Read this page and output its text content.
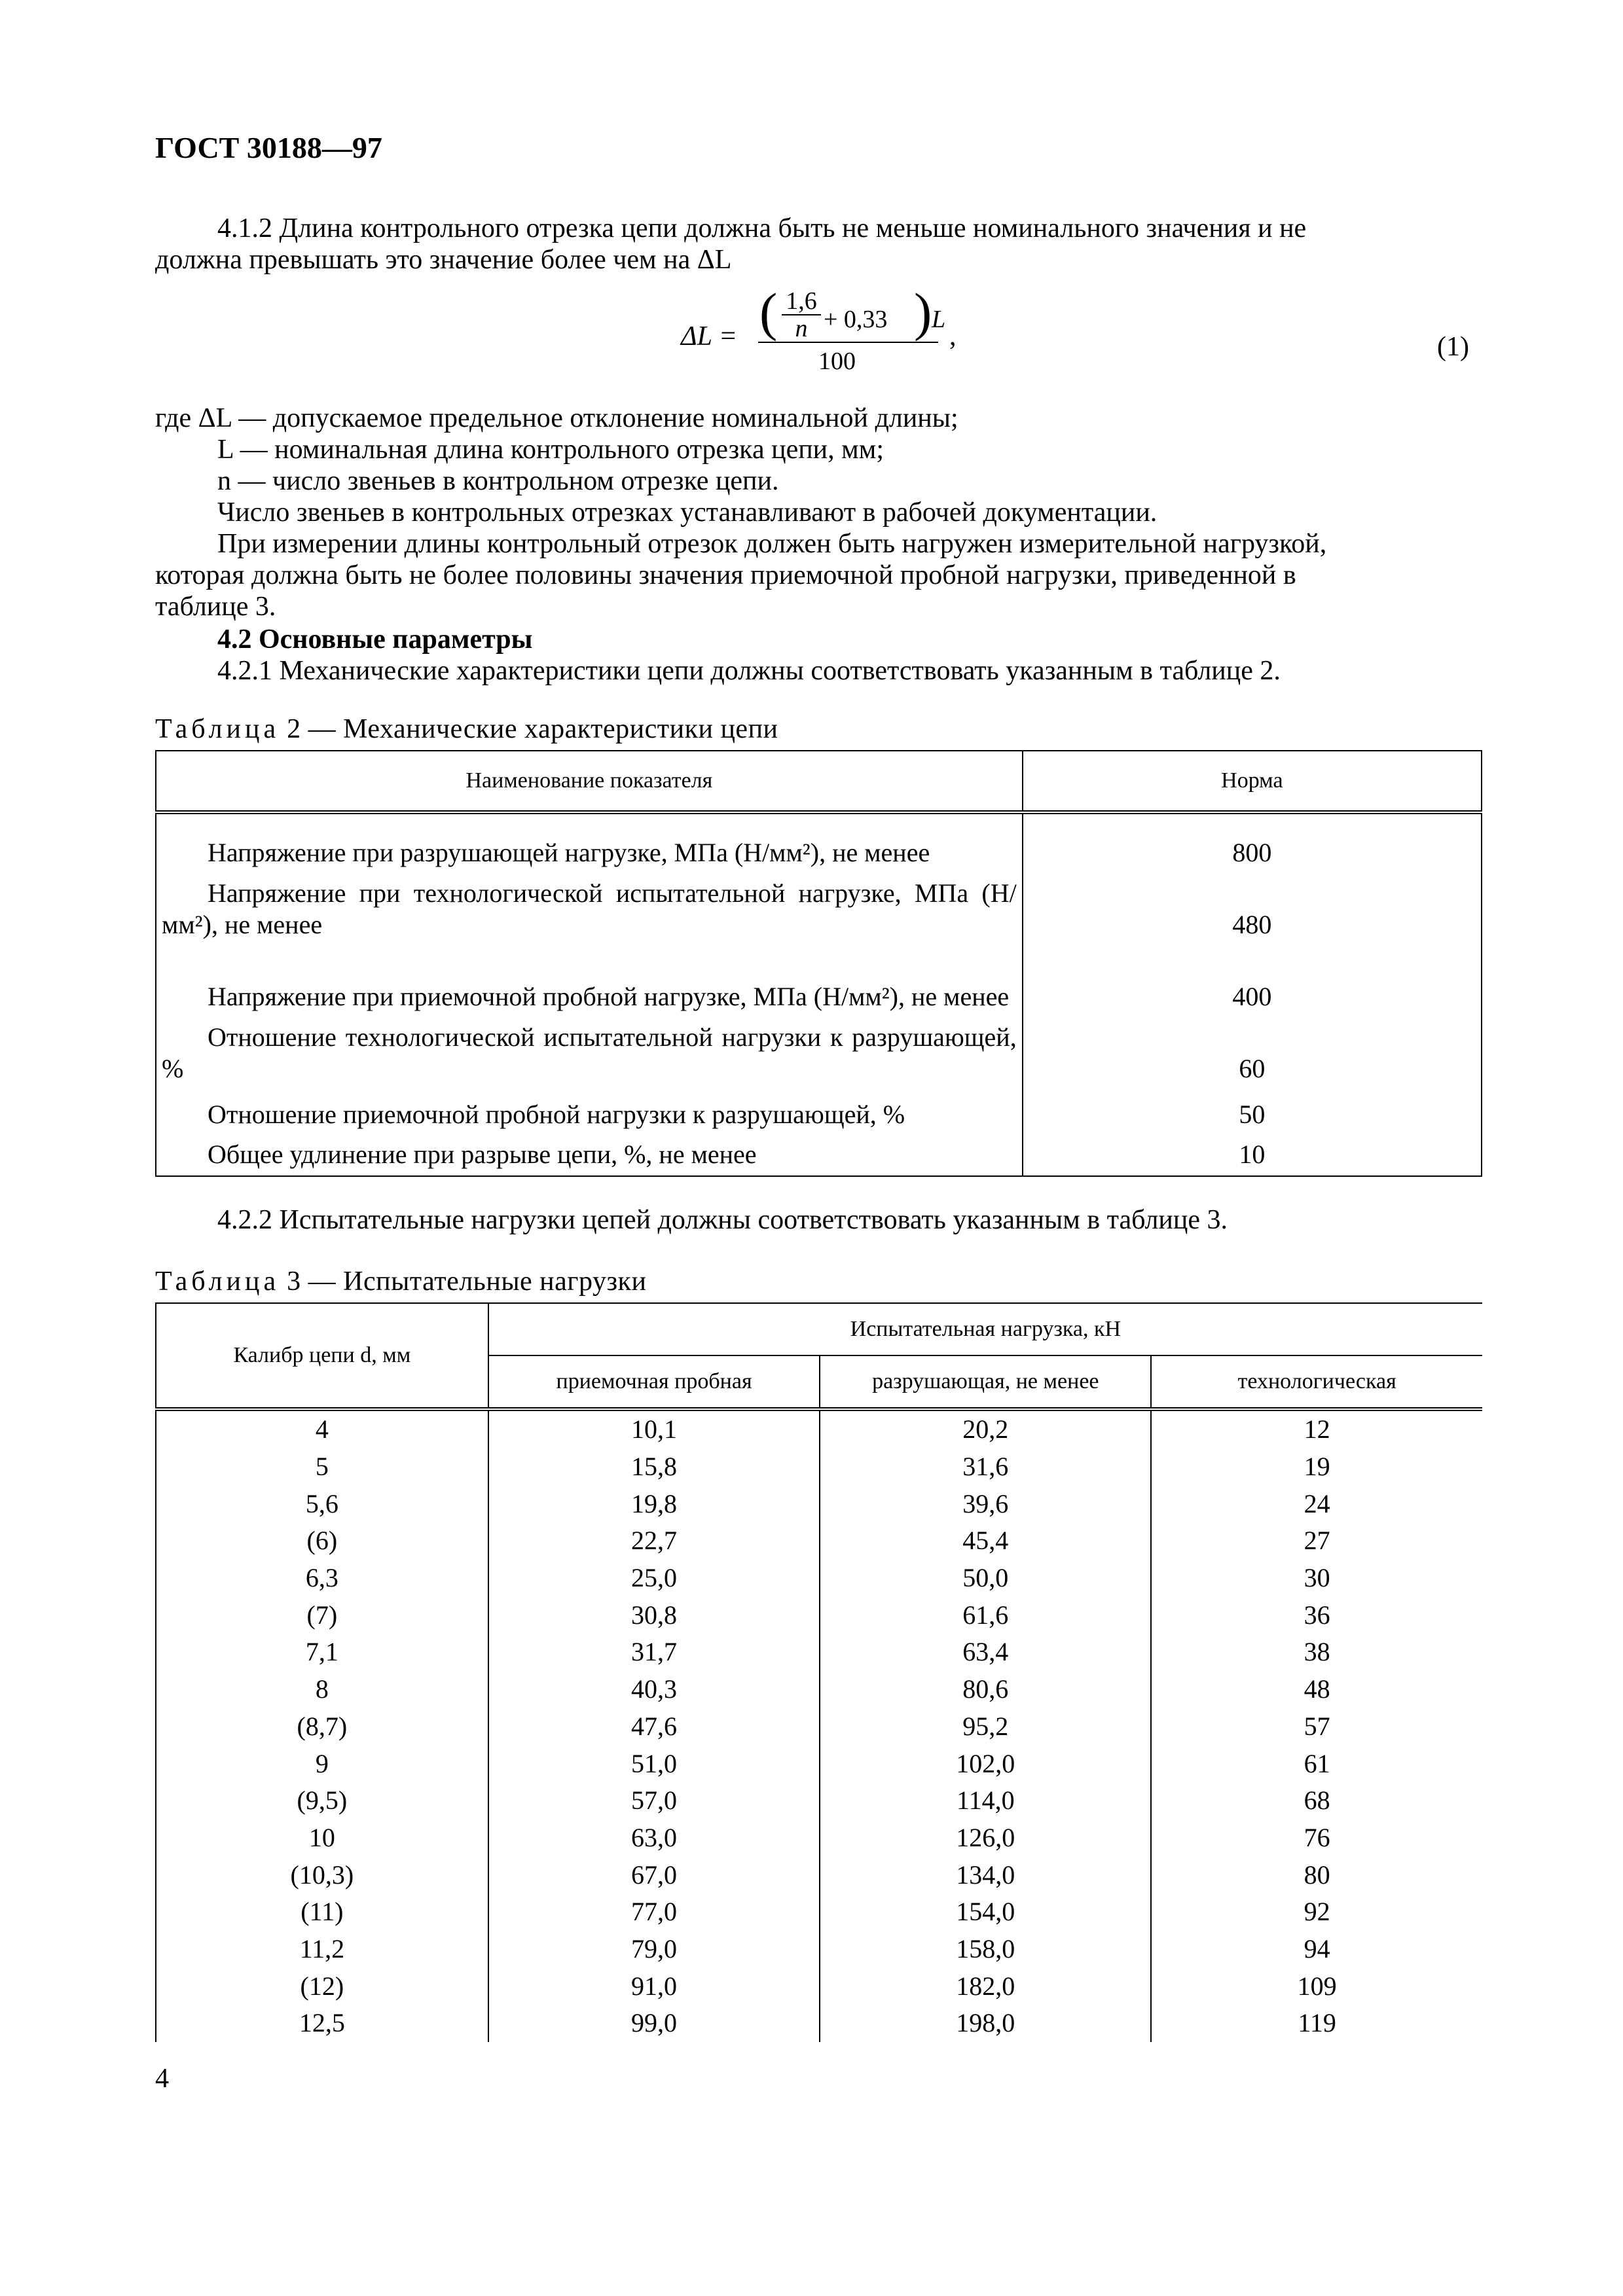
ГОСТ 30188—97
4.1.2 Длина контрольного отрезка цепи должна быть не меньше номинального значения и не
должна превышать это значение более чем на ΔL
ΔL = ( $\frac{1,6}{n} + 0,33$ ) L
100
,	(1)
где ΔL — допускаемое предельное отклонение номинальной длины;
L — номинальная длина контрольного отрезка цепи, мм;
n — число звеньев в контрольном отрезке цепи.
Число звеньев в контрольных отрезках устанавливают в рабочей документации.
При измерении длины контрольный отрезок должен быть нагружен измерительной нагрузкой,
которая должна быть не более половины значения приемочной пробной нагрузки, приведенной в
таблице 3.
4.2 Основные параметры
4.2.1 Механические характеристики цепи должны соответствовать указанным в таблице 2.
Таблица 2 — Механические характеристики цепи
Наименование показателя	Норма
Напряжение при разрушающей нагрузке, МПа (Н/мм²), не менее	800
Напряжение при технологической испытательной нагрузке, МПа (Н/мм²), не менее	480
Напряжение при приемочной пробной нагрузке, МПа (Н/мм²), не менее	400
Отношение технологической испытательной нагрузки к разрушающей, %	60
Отношение приемочной пробной нагрузки к разрушающей, %	50
Общее удлинение при разрыве цепи, %, не менее	10
4.2.2 Испытательные нагрузки цепей должны соответствовать указанным в таблице 3.
Таблица 3 — Испытательные нагрузки
Калибр цепи d, мм	Испытательная нагрузка, кН		
	приемочная пробная	разрушающая, не менее	технологическая
4	10,1	20,2	12
5	15,8	31,6	19
5,6	19,8	39,6	24
(6)	22,7	45,4	27
6,3	25,0	50,0	30
(7)	30,8	61,6	36
7,1	31,7	63,4	38
8	40,3	80,6	48
(8,7)	47,6	95,2	57
9	51,0	102,0	61
(9,5)	57,0	114,0	68
10	63,0	126,0	76
(10,3)	67,0	134,0	80
(11)	77,0	154,0	92
11,2	79,0	158,0	94
(12)	91,0	182,0	109
12,5	99,0	198,0	119
4
